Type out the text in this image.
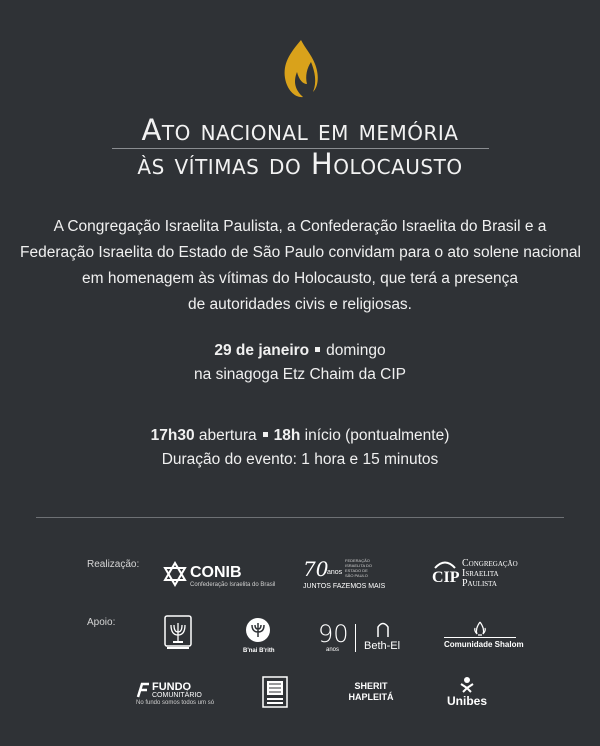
Ato nacional em memória
às vítimas do Holocausto
A Congregação Israelita Paulista, a Confederação Israelita do Brasil e a
Federação Israelita do Estado de São Paulo convidam para o ato solene nacional
em homenagem às vítimas do Holocausto, que terá a presença
de autoridades civis e religiosas.
29 de janeiro domingo
na sinagoga Etz Chaim da CIP
17h30 abertura 18h início (pontualmente)
Duração do evento: 1 hora e 15 minutos
Realização:
Apoio:
CONIB
Confederação Israelita do Brasil
70
anos
FEDERAÇÃO ISRAELITA DO ESTADO DE SÃO PAULO
JUNTOS FAZEMOS MAIS
CIP
Congregação
Israelita
Paulista
B'nai B'rith
90
anos Beth-El	Comunidade Shalom
FUNDO
COMUNITÁRIO
No fundo somos todos um só
SHERIT
HAPLEITÁ	Unibes
